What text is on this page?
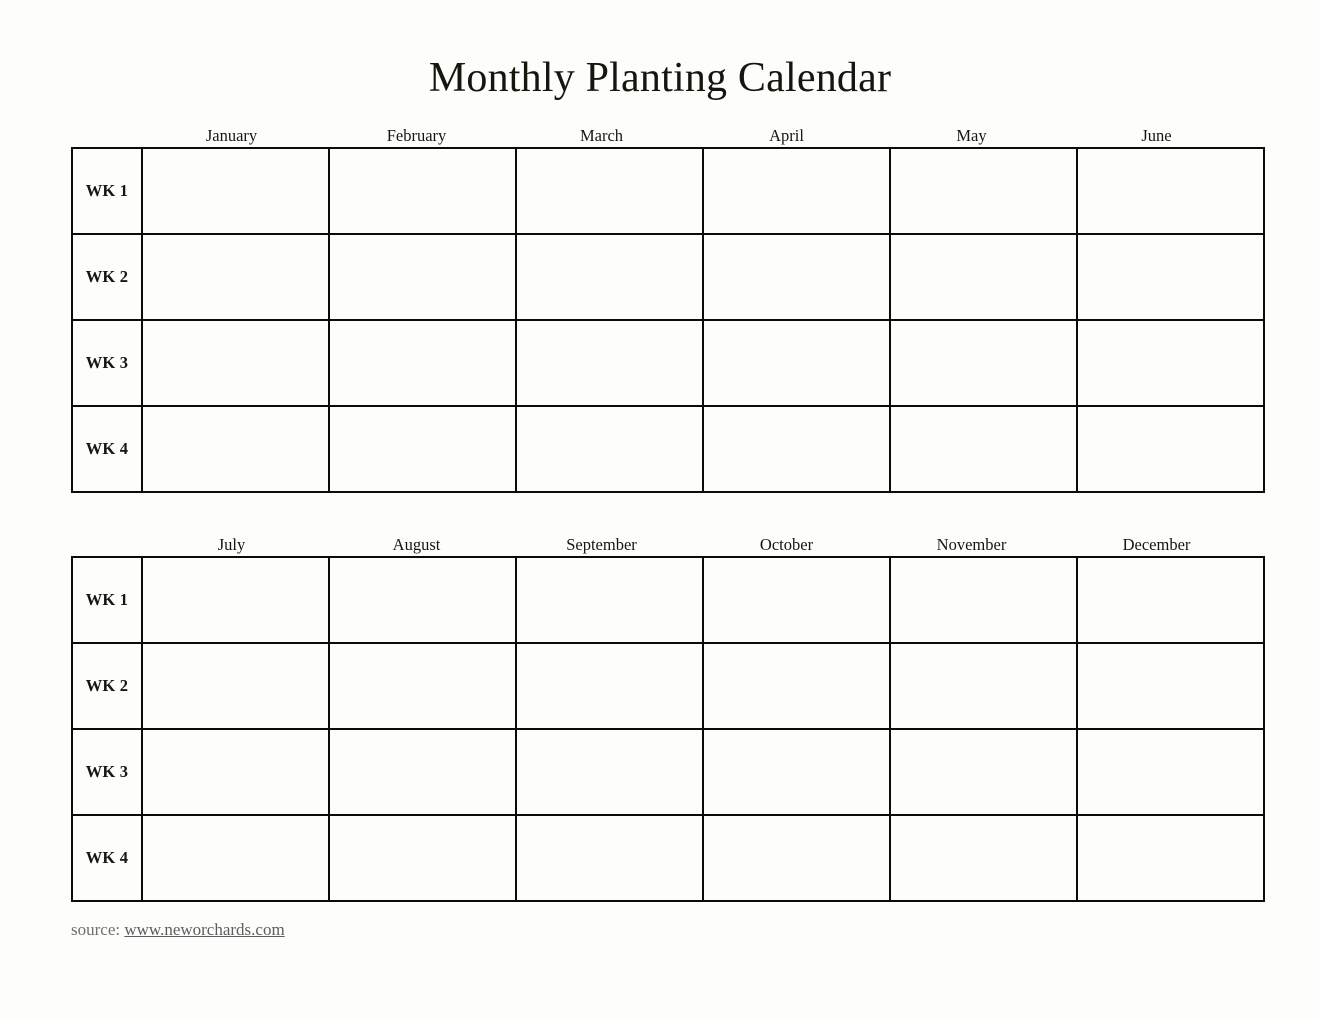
Monthly Planting Calendar
January	February	March	April	May	June
WK 1						
WK 2						
WK 3						
WK 4						
July	August	September	October	November	December
WK 1						
WK 2						
WK 3						
WK 4						
source: www.neworchards.com
